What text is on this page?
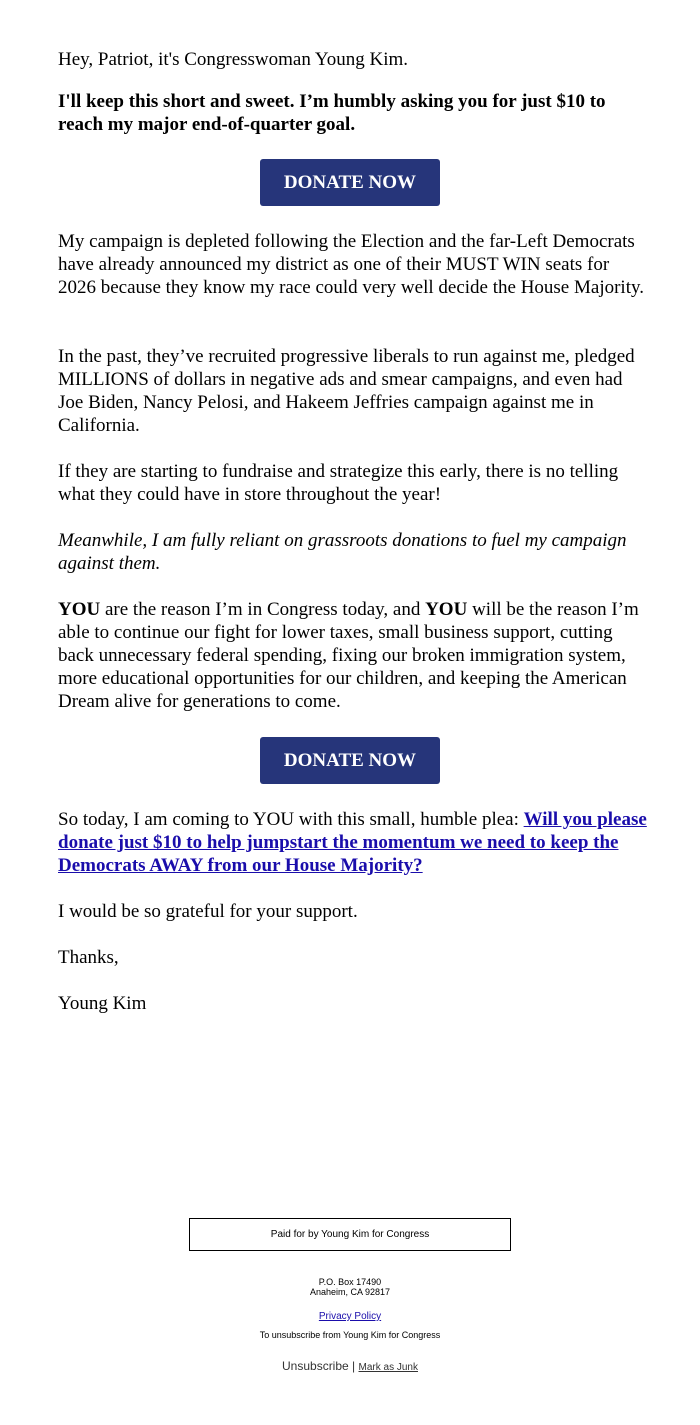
Hey, Patriot, it's Congresswoman Young Kim.

I'll keep this short and sweet. I’m humbly asking you for just $10 to reach my major end-of-quarter goal.

DONATE NOW

My campaign is depleted following the Election and the far-Left Democrats have already announced my district as one of their MUST WIN seats for 2026 because they know my race could very well decide the House Majority.

In the past, they’ve recruited progressive liberals to run against me, pledged MILLIONS of dollars in negative ads and smear campaigns, and even had Joe Biden, Nancy Pelosi, and Hakeem Jeffries campaign against me in California.

If they are starting to fundraise and strategize this early, there is no telling what they could have in store throughout the year!

Meanwhile, I am fully reliant on grassroots donations to fuel my campaign against them.

YOU are the reason I’m in Congress today, and YOU will be the reason I’m able to continue our fight for lower taxes, small business support, cutting back unnecessary federal spending, fixing our broken immigration system, more educational opportunities for our children, and keeping the American Dream alive for generations to come.

DONATE NOW

So today, I am coming to YOU with this small, humble plea: Will you please donate just $10 to help jumpstart the momentum we need to keep the Democrats AWAY from our House Majority?

I would be so grateful for your support.

Thanks,

Young Kim

Paid for by Young Kim for Congress
P.O. Box 17490
Anaheim, CA 92817
Privacy Policy
To unsubscribe from Young Kim for Congress
Unsubscribe | Mark as Junk
